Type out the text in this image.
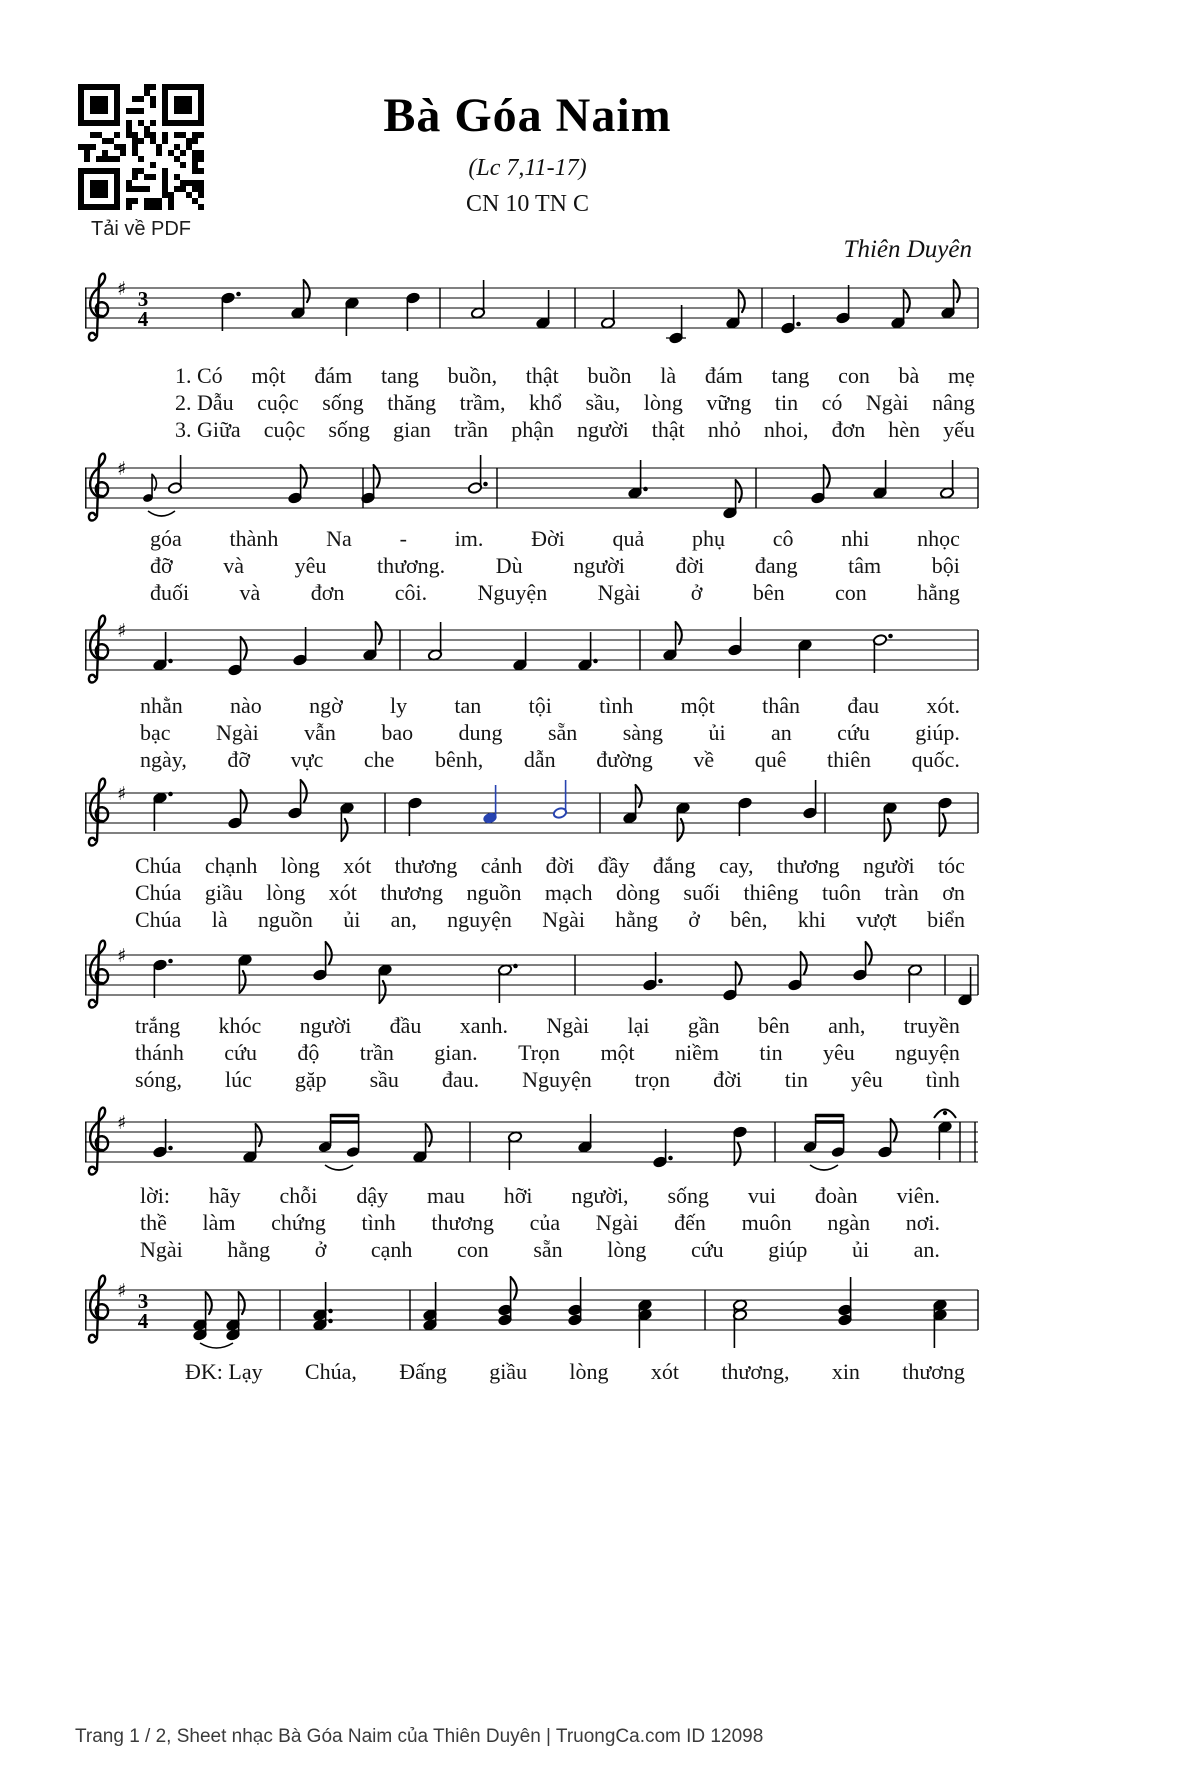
Tải về PDF
Bà Góa Naim
(Lc 7,11-17)
CN 10 TN C
Thiên Duyên
♯ 3
4
♯
♯
♯
♯
♯
♯ 3
4
Trang 1 / 2, Sheet nhạc Bà Góa Naim của Thiên Duyên | TruongCa.com ID 12098
1. Có một đám tang buồn, thật buồn là đám tang con bà mẹ
2. Dẫu cuộc sống thăng trầm, khổ sầu, lòng vững tin có Ngài nâng
3. Giữa cuộc sống gian trần phận người thật nhỏ nhoi, đơn hèn yếu
góa thành Na - im. Đời quả phụ cô nhi nhọc
đỡ và yêu thương. Dù người đời đang tâm bội
đuối và đơn côi. Nguyện Ngài ở bên con hằng
nhằn nào ngờ ly tan tội tình một thân đau xót.
bạc Ngài vẫn bao dung sẵn sàng ủi an cứu giúp.
ngày, đỡ vực che bênh, dẫn đường về quê thiên quốc.
Chúa chạnh lòng xót thương cảnh đời đầy đắng cay, thương người tóc
Chúa giầu lòng xót thương nguồn mạch dòng suối thiêng tuôn tràn ơn
Chúa là nguồn ủi an, nguyện Ngài hằng ở bên, khi vượt biển
trắng khóc người đầu xanh. Ngài lại gần bên anh, truyền
thánh cứu độ trần gian. Trọn một niềm tin yêu nguyện
sóng, lúc gặp sầu đau. Nguyện trọn đời tin yêu tình
lời: hãy chỗi dậy mau hỡi người, sống vui đoàn viên.
thề làm chứng tình thương của Ngài đến muôn ngàn nơi.
Ngài hằng ở cạnh con sẵn lòng cứu giúp ủi an.
ĐK: Lạy Chúa, Đấng giầu lòng xót thương, xin thương
